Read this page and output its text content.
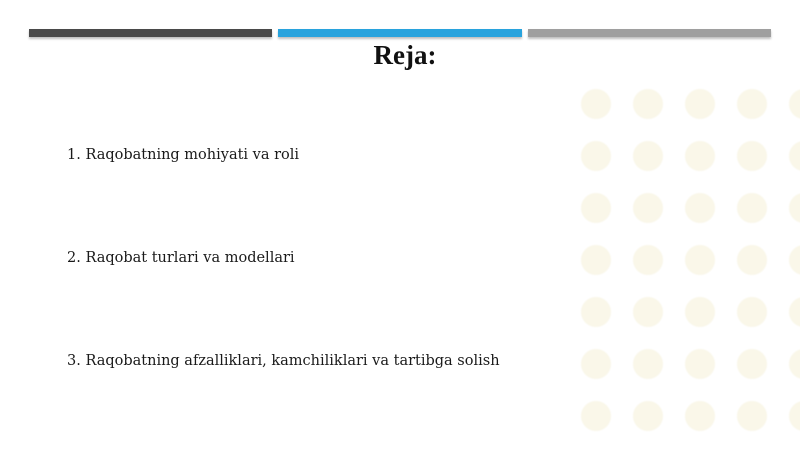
Reja:
1. Raqobatning mohiyati va roli
2. Raqobat turlari va modellari
3. Raqobatning afzalliklari, kamchiliklari va tartibga solish
